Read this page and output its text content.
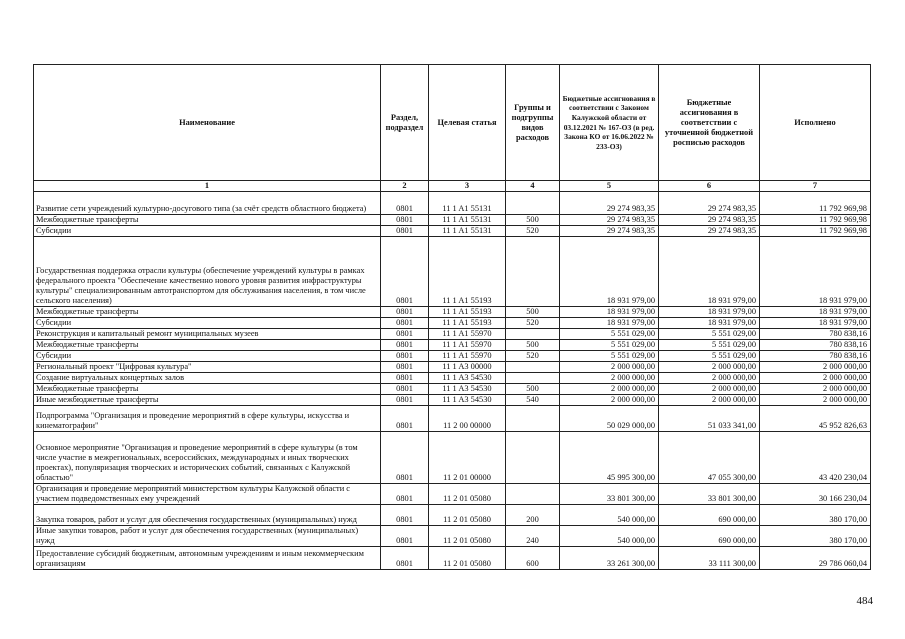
Наименование	Раздел, подраздел	Целевая статья	Группы и подгруппы видов расходов	Бюджетные ассигнования в соответствии с Законом Калужской области от 03.12.2021 № 167-ОЗ (в ред. Закона КО от 16.06.2022 № 233-ОЗ)	Бюджетные ассигнования в соответствии с уточненной бюджетной росписью расходов	Исполнено
1	2	3	4	5	6	7
Развитие сети учреждений культурно-досугового типа (за счёт средств областного бюджета)	0801	11 1 A1 55131		29 274 983,35	29 274 983,35	11 792 969,98
Межбюджетные трансферты	0801	11 1 A1 55131	500	29 274 983,35	29 274 983,35	11 792 969,98
Субсидии	0801	11 1 A1 55131	520	29 274 983,35	29 274 983,35	11 792 969,98
Государственная поддержка отрасли культуры (обеспечение учреждений культуры в рамках федерального проекта "Обеспечение качественно нового уровня развития инфраструктуры культуры" специализированным автотранспортом для обслуживания населения, в том числе сельского населения)	0801	11 1 A1 55193		18 931 979,00	18 931 979,00	18 931 979,00
Межбюджетные трансферты	0801	11 1 A1 55193	500	18 931 979,00	18 931 979,00	18 931 979,00
Субсидии	0801	11 1 A1 55193	520	18 931 979,00	18 931 979,00	18 931 979,00
Реконструкция и капитальный ремонт муниципальных музеев	0801	11 1 A1 55970		5 551 029,00	5 551 029,00	780 838,16
Межбюджетные трансферты	0801	11 1 A1 55970	500	5 551 029,00	5 551 029,00	780 838,16
Субсидии	0801	11 1 A1 55970	520	5 551 029,00	5 551 029,00	780 838,16
Региональный проект "Цифровая культура"	0801	11 1 A3 00000		2 000 000,00	2 000 000,00	2 000 000,00
Создание виртуальных концертных залов	0801	11 1 A3 54530		2 000 000,00	2 000 000,00	2 000 000,00
Межбюджетные трансферты	0801	11 1 A3 54530	500	2 000 000,00	2 000 000,00	2 000 000,00
Иные межбюджетные трансферты	0801	11 1 A3 54530	540	2 000 000,00	2 000 000,00	2 000 000,00
Подпрограмма "Организация и проведение мероприятий в сфере культуры, искусства и кинематографии"	0801	11 2 00 00000		50 029 000,00	51 033 341,00	45 952 826,63
Основное мероприятие "Организация и проведение мероприятий в сфере культуры (в том числе участие в межрегиональных, всероссийских, международных и иных творческих проектах), популяризация творческих и исторических событий, связанных с Калужской областью"	0801	11 2 01 00000		45 995 300,00	47 055 300,00	43 420 230,04
Организация и проведение мероприятий министерством культуры Калужской области с участием подведомственных ему учреждений	0801	11 2 01 05080		33 801 300,00	33 801 300,00	30 166 230,04
Закупка товаров, работ и услуг для обеспечения государственных (муниципальных) нужд	0801	11 2 01 05080	200	540 000,00	690 000,00	380 170,00
Иные закупки товаров, работ и услуг для обеспечения государственных (муниципальных) нужд	0801	11 2 01 05080	240	540 000,00	690 000,00	380 170,00
Предоставление субсидий бюджетным, автономным учреждениям и иным некоммерческим организациям	0801	11 2 01 05080	600	33 261 300,00	33 111 300,00	29 786 060,04
484
